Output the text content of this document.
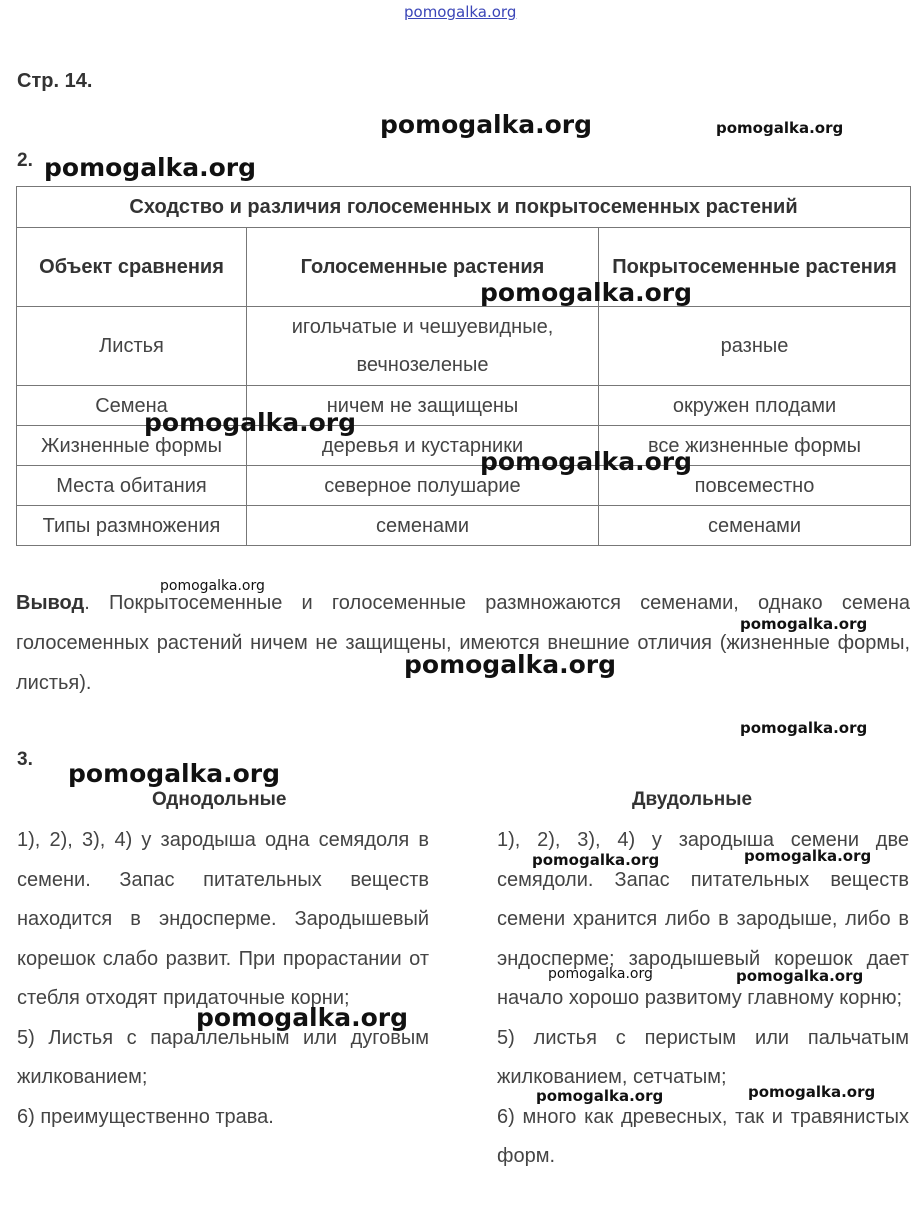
pomogalka.org
Стр. 14.
2.
Сходство и различия голосеменных и покрытосеменных растений		
Объект сравнения	Голосеменные растения	Покрытосеменные растения
Листья	игольчатые и чешуевидные, вечнозеленые	разные
Семена	ничем не защищены	окружен плодами
Жизненные формы	деревья и кустарники	все жизненные формы
Места обитания	северное полушарие	повсеместно
Типы размножения	семенами	семенами
Вывод. Покрытосеменные и голосеменные размножаются семенами, однако семена голосеменных растений ничем не защищены, имеются внешние отличия (жизненные формы, листья).
3.
Однодольные	Двудольные

1), 2), 3), 4) у зародыша одна семядоля в семени. Запас питательных веществ находится в эндосперме. Зародышевый корешок слабо развит. При прорастании от стебля отходят придаточные корни;

5) Листья с параллельным или дуговым жилкованием;

6) преимущественно трава.

1), 2), 3), 4) у зародыша семени две семядоли. Запас питательных веществ семени хранится либо в зародыше, либо в эндосперме; зародышевый корешок дает начало хорошо развитому главному корню;

5) листья с перистым или пальчатым жилкованием, сетчатым;

6) много как древесных, так и травянистых форм.

pomogalka.org	pomogalka.org
pomogalka.org
pomogalka.org
pomogalka.org
pomogalka.org
pomogalka.org
pomogalka.org
pomogalka.org
pomogalka.org
pomogalka.org
pomogalka.org	pomogalka.org
pomogalka.org	pomogalka.org
pomogalka.org
pomogalka.org	pomogalka.org
